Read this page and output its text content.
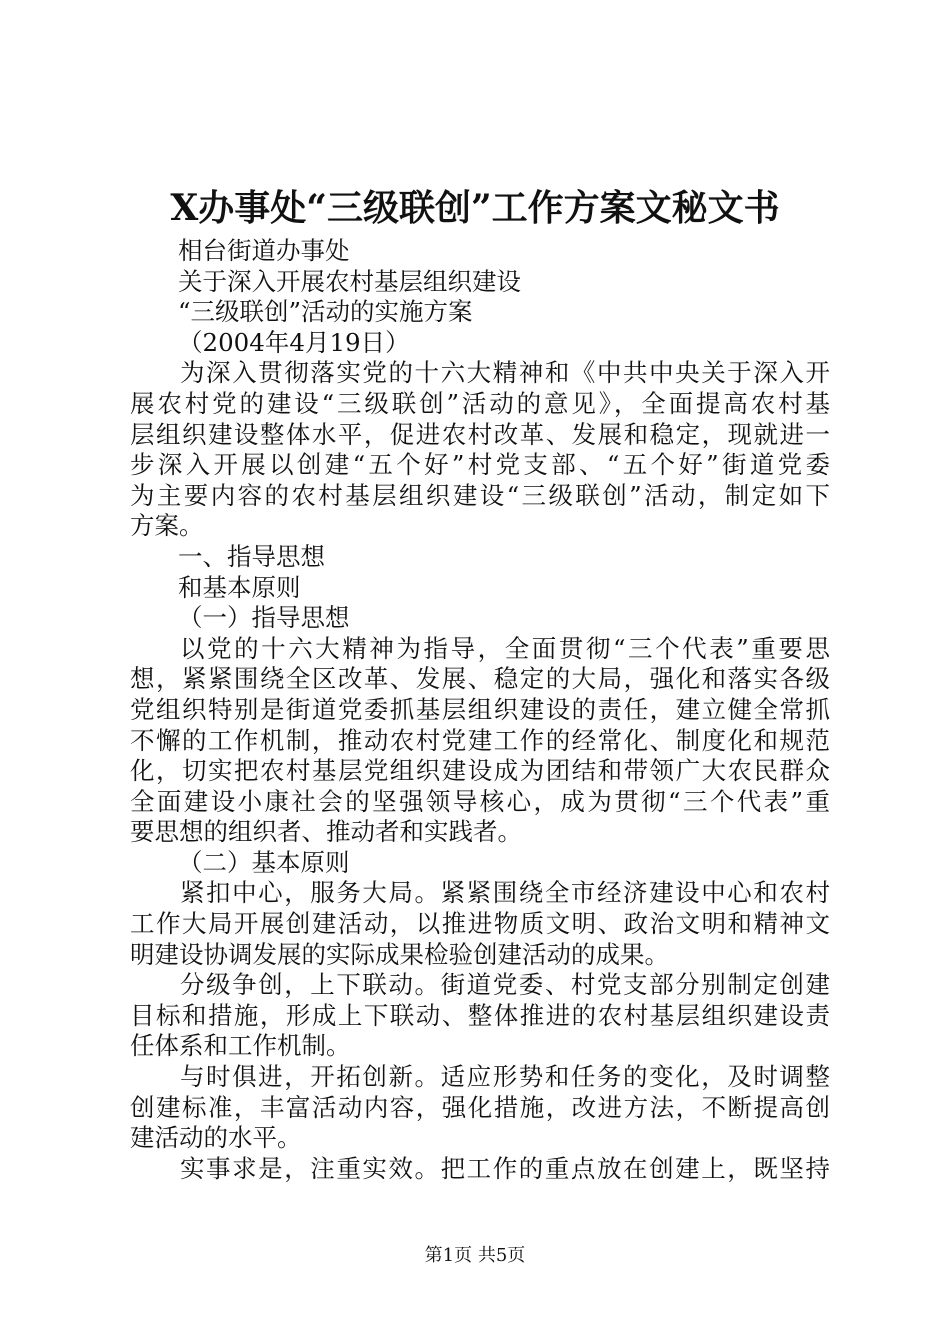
X办事处“三级联创”工作方案文秘文书
相台街道办事处
关于深入开展农村基层组织建设
“三级联创”活动的实施方案
（2004年4月19日）
为深入贯彻落实党的十六大精神和《中共中央关于深入开
展农村党的建设“三级联创”活动的意见》，全面提高农村基
层组织建设整体水平，促进农村改革、发展和稳定，现就进一
步深入开展以创建“五个好”村党支部、“五个好”街道党委
为主要内容的农村基层组织建设“三级联创”活动，制定如下
方案。
一、指导思想
和基本原则
（一）指导思想
以党的十六大精神为指导，全面贯彻“三个代表”重要思
想，紧紧围绕全区改革、发展、稳定的大局，强化和落实各级
党组织特别是街道党委抓基层组织建设的责任，建立健全常抓
不懈的工作机制，推动农村党建工作的经常化、制度化和规范
化，切实把农村基层党组织建设成为团结和带领广大农民群众
全面建设小康社会的坚强领导核心，成为贯彻“三个代表”重
要思想的组织者、推动者和实践者。
（二）基本原则
紧扣中心，服务大局。紧紧围绕全市经济建设中心和农村
工作大局开展创建活动，以推进物质文明、政治文明和精神文
明建设协调发展的实际成果检验创建活动的成果。
分级争创，上下联动。街道党委、村党支部分别制定创建
目标和措施，形成上下联动、整体推进的农村基层组织建设责
任体系和工作机制。
与时俱进，开拓创新。适应形势和任务的变化，及时调整
创建标准，丰富活动内容，强化措施，改进方法，不断提高创
建活动的水平。
实事求是，注重实效。把工作的重点放在创建上，既坚持
第1页 共5页
